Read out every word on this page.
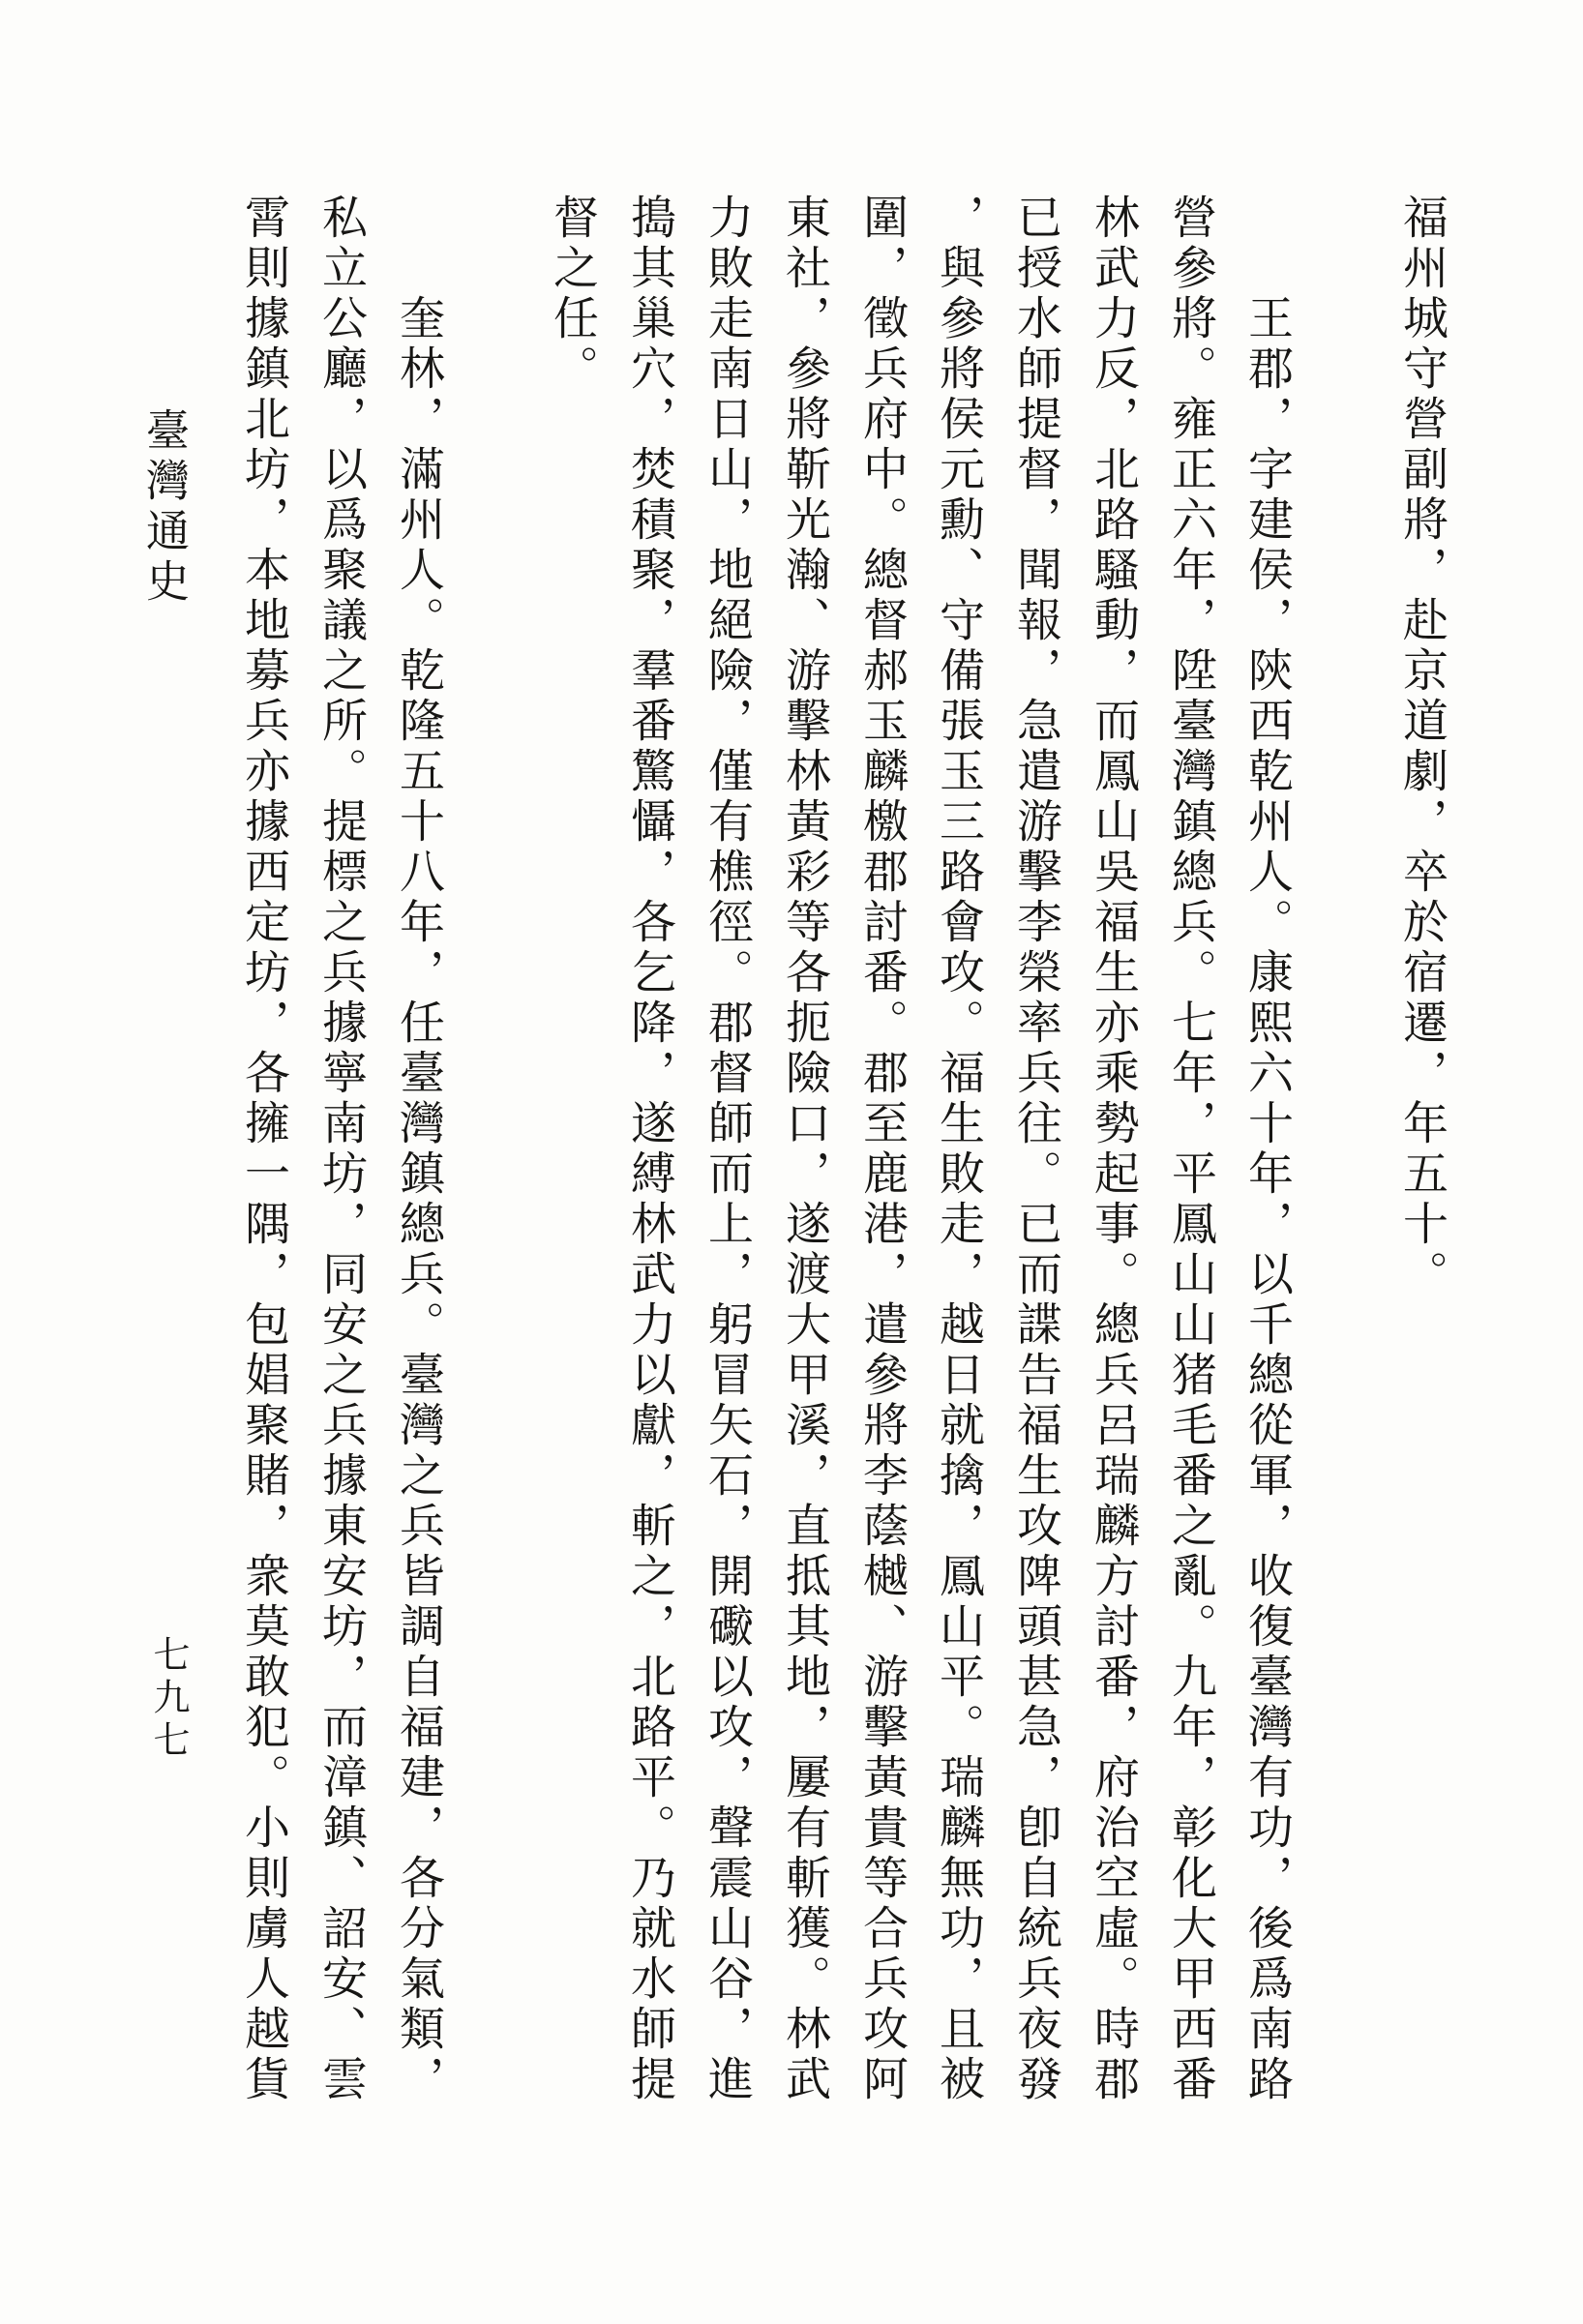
臺灣通史
七九七
福州城守營副將，赴京道劇，卒於宿遷，年五十。
王郡，字建侯，陝西乾州人。康熙六十年，以千總從軍，收復臺灣有功，後爲南路
營參將。雍正六年，陞臺灣鎮總兵。七年，平鳳山山猪毛番之亂。九年，彰化大甲西番
林武力反，北路騷動，而鳳山吳福生亦乘勢起事。總兵呂瑞麟方討番，府治空虛。時郡
已授水師提督，聞報，急遣游擊李榮率兵往。已而諜告福生攻陴頭甚急，卽自統兵夜發
，與參將侯元勳、守備張玉三路會攻。福生敗走，越日就擒，鳳山平。瑞麟無功，且被
圍，徵兵府中。總督郝玉麟檄郡討番。郡至鹿港，遣參將李蔭樾、游擊黃貴等合兵攻阿
東社，參將靳光瀚、游擊林黃彩等各扼險口，遂渡大甲溪，直抵其地，屢有斬獲。林武
力敗走南日山，地絕險，僅有樵徑。郡督師而上，躬冒矢石，開礮以攻，聲震山谷，進
搗其巢穴，焚積聚，羣番驚懾，各乞降，遂縛林武力以獻，斬之，北路平。乃就水師提
督之任。
奎林，滿州人。乾隆五十八年，任臺灣鎮總兵。臺灣之兵皆調自福建，各分氣類，
私立公廳，以爲聚議之所。提標之兵據寧南坊，同安之兵據東安坊，而漳鎮、詔安、雲
霄則據鎮北坊，本地募兵亦據西定坊，各擁一隅，包娼聚賭，衆莫敢犯。小則虜人越貨
